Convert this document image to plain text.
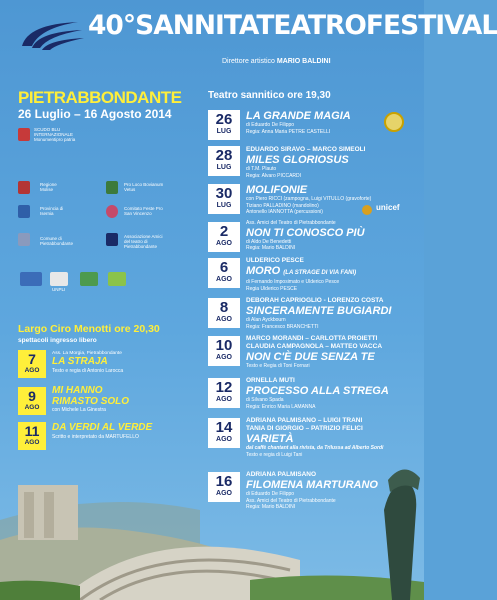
40°SANNITATEATROFESTIVAL
Direttore artistico MARIO BALDINI
PIETRABBONDANTE
26 Luglio – 16 Agosto 2014
SCUDO BLU INTERNAZIONALE Monumentipro patria
Regione Molise
Pro Loco Bovianum Vetus
Provincia di Isernia
Comitato Feste Pro San Vincenzo
Comune di Pietrabbondante
Associazione Amici del teatro di Pietrabbondante
UNPLI
unicef
Teatro sannitico ore 19,30
26
LUG
LA GRANDE MAGIA
di Eduardo De Filippo
Regia: Anna Maria PETRE CASTELLI
28
LUG
EDUARDO SIRAVO – MARCO SIMEOLI
MILES GLORIOSUS
di T.M. Plauto
Regia: Alvaro PICCARDI
30
LUG
MOLIFONIE
con Piero RICCI (zampogna, Luigi VITULLO (gravoforte)
Tiziano PALLADINO (mandolino)
Antonello IANNOTTA (percussioni)
2
AGO
Ass. Amici del Teatro di Pietrabbondante
NON TI CONOSCO PIÙ
di Aldo De Benedetti
Regia: Mario BALDINI
6
AGO
ULDERICO PESCE
MORO (LA STRAGE DI VIA FANI)
di Fernando Imposimato e Ulderico Pesce
Regia Ulderico PESCE
8
AGO
DEBORAH CAPRIOGLIO - LORENZO COSTA
SINCERAMENTE BUGIARDI
di Alan Ayckbourn
Regia: Francesco BRANCHETTI
10
AGO
MARCO MORANDI – CARLOTTA PROIETTI
CLAUDIA CAMPAGNOLA – MATTEO VACCA
NON C'È DUE SENZA TE
Testo e Regia di Toni Fornari
12
AGO
ORNELLA MUTI
PROCESSO ALLA STREGA
di Silvano Spada
Regia: Enrico Maria LAMANNA
14
AGO
ADRIANA PALMISANO – LUIGI TRANI
TANIA DI GIORGIO – PATRIZIO FELICI
VARIETÀ
dal caffè chantant alla rivista, da Trilussa ad Alberto Sordi
Testo e regia di Luigi Tani
16
AGO
ADRIANA PALMISANO
FILOMENA MARTURANO
di Eduardo De Filippo
Ass. Amici del Teatro di Pietrabbondante
Regia: Mario BALDINI
Largo Ciro Menotti ore 20,30
spettacoli ingresso libero
7
AGO
Ass. La Morgia, Pietrabbondante
LA STRAJA
Testo e regia di Antonio Larocca
9
AGO
MI HANNO RIMASTO SOLO
con Michele La Ginestra
11
AGO
DA VERDI AL VERDE
Scritto e interpretato da MARTUFELLO
